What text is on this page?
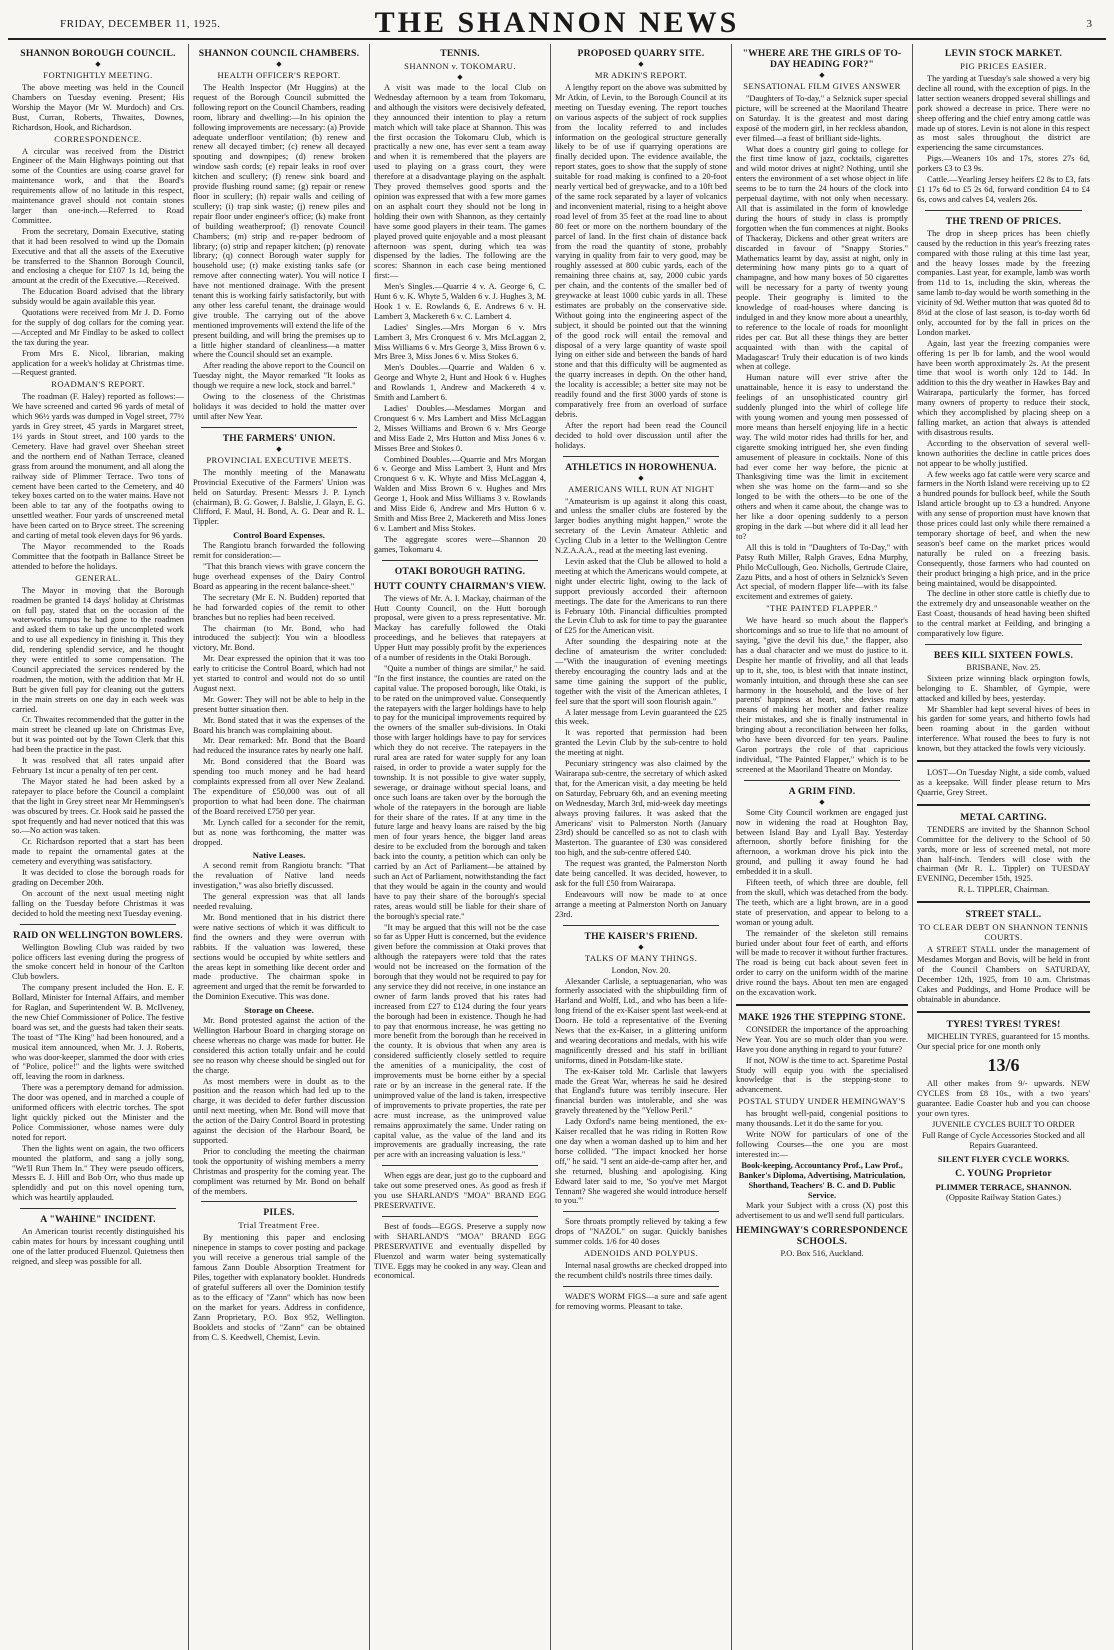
FRIDAY, DECEMBER 11, 1925.	THE SHANNON NEWS	3
SHANNON BOROUGH COUNCIL.
◆
FORTNIGHTLY MEETING.

The above meeting was held in the Council Chambers on Tuesday evening. Present; His Worship the Mayor (Mr W. Murdoch) and Crs. Bust, Curran, Roberts, Thwaites, Downes, Richardson, Hook, and Richardson.

CORRESPONDENCE.

A circular was received from the District Engineer of the Main Highways pointing out that some of the Counties are using coarse gravel for maintenance work, and that the Board's requirements allow of no latitude in this respect, maintenance gravel should not contain stones larger than one-inch.—Referred to Road Committee.

From the secretary, Domain Executive, stating that it had been resolved to wind up the Domain Executive and that all the assets of the Executive be transferred to the Shannon Borough Council, and enclosing a cheque for £107 1s 1d, being the amount at the credit of the Executive.—Received.

The Education Board advised that the library subsidy would be again available this year.

Quotations were received from Mr J. D. Forno for the supply of dog collars for the coming year.—Accepted and Mr Findlay to be asked to collect the tax during the year.

From Mrs E. Nicol, librarian, making application for a week's holiday at Christmas time.—Request granted.

ROADMAN'S REPORT.

The roadman (F. Haley) reported as follows:—We have screened and carted 96 yards of metal of which 96½ yards was dumped in Vogel street, 77½ yards in Grey street, 45 yards in Margaret street, 1½ yards in Stout street, and 100 yards to the Cemetery. Have had gravel over Sheehan street and the northern end of Nathan Terrace, cleaned grass from around the monument, and all along the railway side of Plimmer Terrace. Two tons of cement have been carted to the Cemetery, and 40 tekey boxes carted on to the water mains. Have not been able to tar any of the footpaths owing to unsettled weather. Four yards of unscreened metal have been carted on to Bryce street. The screening and carting of metal took eleven days for 96 yards.

The Mayor recommended to the Roads Committee that the footpath in Ballance Street be attended to before the holidays.

GENERAL.

The Mayor in moving that the Borough roadmen be granted 14 days' holiday at Christmas on full pay, stated that on the occasion of the waterworks rumpus he had gone to the roadmen and asked them to take up the uncompleted work and to use all expediency in finishing it. This they did, rendering splendid service, and he thought they were entitled to some compensation. The Council appreciated the services rendered by the roadmen, the motion, with the addition that Mr H. Butt be given full pay for cleaning out the gutters in the main streets on one day in each week was carried.

Cr. Thwaites recommended that the gutter in the main street be cleaned up late on Christmas Eve, but it was pointed out by the Town Clerk that this had been the practice in the past.

It was resolved that all rates unpaid after February 1st incur a penalty of ten per cent.

The Mayor stated he had been asked by a ratepayer to place before the Council a complaint that the light in Grey street near Mr Hemmingsen's was obscured by trees. Cr. Hook said he passed the spot frequently and had never noticed that this was so.—No action was taken.

Cr. Richardson reported that a start has been made to repaint the ornamental gates at the cemetery and everything was satisfactory.

It was decided to close the borough roads for grading on December 20th.

On account of the next usual meeting night falling on the Tuesday before Christmas it was decided to hold the meeting next Tuesday evening.

RAID ON WELLINGTON BOWLERS.

Wellington Bowling Club was raided by two police officers last evening during the progress of the smoke concert held in honour of the Carlton Club bowlers.

The company present included the Hon. E. F. Bollard, Minister for Internal Affairs, and member for Raglan, and Superintendent W. B. McIlveney, the new Chief Commissioner of Police. The festive board was set, and the guests had taken their seats. The toast of "The King" had been honoured, and a musical item announced, when Mr. J. J. Roberts, who was door-keeper, slammed the door with cries of "Police, police!" and the lights were switched off, leaving the room in darkness.

There was a peremptory demand for admission. The door was opened, and in marched a couple of uniformed officers with electric torches. The spot light quickly picked out the Minister and the Police Commissioner, whose names were duly noted for report.

Then the lights went on again, the two officers mounted the platform, and sang a jolly song, "We'll Run Them In." They were pseudo officers, Messrs E. J. Hill and Bob Orr, who thus made up splendidly and put on this novel opening turn, which was heartily applauded.

A "WAHINE" INCIDENT.

An American tourist recently distinguished his cabin mates for hours by incessant coughing until one of the latter produced Fluenzol. Quietness then reigned, and sleep was possible for all.

SHANNON COUNCIL CHAMBERS.
◆
HEALTH OFFICER'S REPORT.

The Health Inspector (Mr Huggins) at the request of the Borough Council submitted the following report on the Council Chambers, reading room, library and dwelling:—In his opinion the following improvements are necessary: (a) Provide adequate underfloor ventilation; (b) renew and renew all decayed timber; (c) renew all decayed spouting and downpipes; (d) renew broken window sash cords; (e) repair leaks in roof over kitchen and scullery; (f) renew sink board and provide flushing round same; (g) repair or renew floor in scullery; (h) repair walls and ceiling of scullery; (i) trap sink waste; (j) renew piles and repair floor under engineer's office; (k) make front of building weatherproof; (l) renovate Council Chambers; (m) strip and re-paper bedroom of library; (o) strip and repaper kitchen; (p) renovate library; (q) connect Borough water supply for household use; (r) make existing tanks safe (or remove after connecting water). You will notice I have not mentioned drainage. With the present tenant this is working fairly satisfactorily, but with any other less careful tenant, the drainage would give trouble. The carrying out of the above mentioned improvements will extend the life of the present building, and will bring the premises up to a little higher standard of cleanliness—a matter where the Council should set an example.

After reading the above report to the Council on Tuesday night, the Mayor remarked "It looks as though we require a new lock, stock and barrel."

Owing to the closeness of the Christmas holidays it was decided to hold the matter over until after New Year.

THE FARMERS' UNION.
◆
PROVINCIAL EXECUTIVE MEETS.

The monthly meeting of the Manawatu Provincial Executive of the Farmers' Union was held on Saturday. Present: Messrs J. P. Lynch (chairman), B. G. Gower, J. Balslie, J. Glayn, E. G. Clifford, F. Maul, H. Bond, A. G. Dear and R. L. Tippler.

Control Board Expenses.

The Rangiotu branch forwarded the following remit for consideration:—

"That this branch views with grave concern the huge overhead expenses of the Dairy Control Board as appearing in the recent balance-sheet."

The secretary (Mr E. N. Budden) reported that he had forwarded copies of the remit to other branches but no replies had been received.

The chairman (to Mr. Bond, who had introduced the subject): You win a bloodless victory, Mr. Bond.

Mr. Dear expressed the opinion that it was too early to criticise the Control Board, which had not yet started to control and would not do so until August next.

Mr. Gower: They will not be able to help in the present butter situation then.

Mr. Bond stated that it was the expenses of the Board his branch was complaining about.

Mr. Dear remarked: Mr. Bond that the Board had reduced the insurance rates by nearly one half.

Mr. Bond considered that the Board was spending too much money and he had heard complaints expressed from all over New Zealand. The expenditure of £50,000 was out of all proportion to what had been done. The chairman of the Board received £750 per year.

Mr. Lynch called for a seconder for the remit, but as none was forthcoming, the matter was dropped.

Native Leases.

A second remit from Rangiotu branch: "That the revaluation of Native land needs investigation," was also briefly discussed.

The general expression was that all lands needed revaluing.

Mr. Bond mentioned that in his district there were native sections of which it was difficult to find the owners and they were overrun with rabbits. If the valuation was lowered, these sections would be occupied by white settlers and the areas kept in something like decent order and made productive. The chairman spoke in agreement and urged that the remit be forwarded to the Dominion Executive. This was done.

Storage on Cheese.

Mr. Bond protested against the action of the Wellington Harbour Board in charging storage on cheese whereas no charge was made for butter. He considered this action totally unfair and he could see no reason why cheese should be singled out for the charge.

As most members were in doubt as to the position and the reason which had led up to the charge, it was decided to defer further discussion until next meeting, when Mr. Bond will move that the action of the Dairy Control Board in protesting against the decision of the Harbour Board, be supported.

Prior to concluding the meeting the chairman took the opportunity of wishing members a merry Christmas and prosperity for the coming year. The compliment was returned by Mr. Bond on behalf of the members.

PILES.
Trial Treatment Free.

By mentioning this paper and enclosing ninepence in stamps to cover posting and package you will receive a generous trial sample of the famous Zann Double Absorption Treatment for Piles, together with explanatory booklet. Hundreds of grateful sufferers all over the Dominion testify as to the efficacy of "Zann" which has now been on the market for years. Address in confidence, Zann Proprietary, P.O. Box 952, Wellington. Booklets and stocks of "Zann" can be obtained from C. S. Keedwell, Chemist, Levin.

TENNIS.
SHANNON v. TOKOMARU.
◆

A visit was made to the local Club on Wednesday afternoon by a team from Tokomaru, and although the visitors were decisively defeated, they announced their intention to play a return match which will take place at Shannon. This was the first occasion the Tokomaru Club, which is practically a new one, has ever sent a team away and when it is remembered that the players are used to playing on a grass court, they were therefore at a disadvantage playing on the asphalt. They proved themselves good sports and the opinion was expressed that with a few more games on an asphalt court they should not be long in holding their own with Shannon, as they certainly have some good players in their team. The games played proved quite enjoyable and a most pleasant afternoon was spent, during which tea was dispensed by the ladies. The following are the scores: Shannon in each case being mentioned first:—

Men's Singles.—Quarrie 4 v. A. George 6, C. Hunt 6 v. K. Whyte 5, Walden 6 v. J. Hughes 3, M. Hook 1 v. E. Rowlands 6, E. Andrews 6 v. H. Lambert 3, Mackereth 6 v. C. Lambert 4.

Ladies' Singles.—Mrs Morgan 6 v. Mrs Lambert 3, Mrs Cronquest 6 v. Mrs McLaggan 2, Miss Williams 6 v. Mrs George 3, Miss Brown 6 v. Mrs Bree 3, Miss Jones 6 v. Miss Stokes 6.

Men's Doubles.—Quarrie and Walden 6 v. George and Whyte 2, Hunt and Hook 6 v. Hughes and Rowlands 1, Andrew and Mackereth 4 v. Smith and Lambert 6.

Ladies' Doubles.—Mesdames Morgan and Cronquest 6 v. Mrs Lambert and Miss McLaggan 2, Misses Williams and Brown 6 v. Mrs George and Miss Eade 2, Mrs Hutton and Miss Jones 6 v. Misses Bree and Stokes 0.

Combined Doubles.—Quarrie and Mrs Morgan 6 v. George and Miss Lambert 3, Hunt and Mrs Cronquest 6 v. K. Whyte and Miss McLaggan 4, Walden and Miss Brown 6 v. Hughes and Mrs George 1, Hook and Miss Williams 3 v. Rowlands and Miss Eide 6, Andrew and Mrs Hutton 6 v. Smith and Miss Bree 2, Mackereth and Miss Jones 6 v. Lambert and Miss Stokes.

The aggregate scores were—Shannon 20 games, Tokomaru 4.

OTAKI BOROUGH RATING.
HUTT COUNTY CHAIRMAN'S VIEW.

The views of Mr. A. I. Mackay, chairman of the Hutt County Council, on the Hutt borough proposal, were given to a press representative. Mr. Mackay has carefully followed the Otaki proceedings, and he believes that ratepayers at Upper Hutt may possibly profit by the experiences of a number of residents in the Otaki Borough.

"Quite a number of things are similar," he said. "In the first instance, the counties are rated on the capital value. The proposed borough, like Otaki, is to be rated on the unimproved value. Consequently the ratepayers with the larger holdings have to help to pay for the municipal improvements required by the owners of the smaller sub-divisions. In Otaki those with larger holdings have to pay for services which they do not receive. The ratepayers in the rural area are rated for water supply for any loan raised, in order to provide a water supply for the township. It is not possible to give water supply, sewerage, or drainage without special loans, and once such loans are taken over by the borough the whole of the ratepayers in the borough are liable for their share of the rates. If at any time in the future large and heavy loans are raised by the big men of four years hence, the bigger land areas desire to be excluded from the borough and taken back into the county, a petition which can only be carried by an Act of Parliament—be attained by such an Act of Parliament, notwithstanding the fact that they would be again in the county and would have to pay their share of the borough's special rates, areas would still be liable for their share of the borough's special rate."

"It may be argued that this will not be the case so far as Upper Hutt is concerned, but the evidence given before the commission at Otaki proves that although the ratepayers were told that the rates would not be increased on the formation of the borough that they would not be required to pay for any service they did not receive, in one instance an owner of farm lands proved that his rates had increased from £27 to £124 during the four years the borough had been in existence. Though he had to pay that enormous increase, he was getting no more benefit from the borough than he received in the county. It is obvious that when any area is considered sufficiently closely settled to require the amenities of a municipality, the cost of improvements must be borne either by a special rate or by an increase in the general rate. If the unimproved value of the land is taken, irrespective of improvements to private properties, the rate per acre must increase, as the unimproved value remains approximately the same. Under rating on capital value, as the value of the land and its improvements are gradually increasing, the rate per acre with an increasing valuation is less."

When eggs are dear, just go to the cupboard and take out some preserved ones. As good as fresh if you use SHARLAND'S "MOA" BRAND EGG PRESERVATIVE.

Best of foods—EGGS. Preserve a supply now with SHARLAND'S "MOA" BRAND EGG PRESERVATIVE and eventually dispelled by Fluenzol and warm water being systematically TIVE. Eggs may be cooked in any way. Clean and economical.

PROPOSED QUARRY SITE.
◆
MR ADKIN'S REPORT.

A lengthy report on the above was submitted by Mr Atkin, of Levin, to the Borough Council at its meeting on Tuesday evening. The report touches on various aspects of the subject of rock supplies from the locality referred to and includes information on the geological structure generally likely to be of use if quarrying operations are finally decided upon. The evidence available, the report states, goes to show that the supply of stone suitable for road making is confined to a 20-foot nearly vertical bed of greywacke, and to a 10ft bed of the same rock separated by a layer of volcanics and inconvenient material, rising to a height above road level of from 35 feet at the road line to about 80 feet or more on the northern boundary of the parcel of land. In the first chain of distance back from the road the quantity of stone, probably varying in quality from fair to very good, may be roughly assessed at 800 cubic yards, each of the remaining three chains at, say, 2000 cubic yards per chain, and the contents of the smaller bed of greywacke at least 1000 cubic yards in all. These estimates are probably on the conservative side. Without going into the engineering aspect of the subject, it should be pointed out that the winning of the good rock will entail the removal and disposal of a very large quantity of waste spoil lying on either side and between the bands of hard stone and that this difficulty will be augmented as the quarry increases in depth. On the other hand, the locality is accessible; a better site may not be readily found and the first 3000 yards of stone is comparatively free from an overload of surface debris.

After the report had been read the Council decided to hold over discussion until after the holidays.

ATHLETICS IN HOROWHENUA.
◆
AMERICANS WILL RUN AT NIGHT

"Amateurism is up against it along this coast, and unless the smaller clubs are fostered by the larger bodies anything might happen," wrote the secretary of the Levin Amateur Athletic and Cycling Club in a letter to the Wellington Centre N.Z.A.A.A., read at the meeting last evening.

Levin asked that the Club be allowed to hold a meeting at which the Americans would compete, at night under electric light, owing to the lack of support previously accorded their afternoon meetings. The date for the Americans to run there is February 10th. Financial difficulties prompted the Levin Club to ask for time to pay the guarantee of £25 for the American visit.

After sounding the despairing note at the decline of amateurism the writer concluded:—"With the inauguration of evening meetings thereby encouraging the country lads and at the same time gaining the support of the public, together with the visit of the American athletes, I feel sure that the sport will soon flourish again."

A later message from Levin guaranteed the £25 this week.

It was reported that permission had been granted the Levin Club by the sub-centre to hold the meeting at night.

Pecuniary stringency was also claimed by the Wairarapa sub-centre, the secretary of which asked that, for the American visit, a day meeting be held on Saturday, February 6th, and an evening meeting on Wednesday, March 3rd, mid-week day meetings always proving failures. It was asked that the Americans' visit to Palmerston North (January 23rd) should be cancelled so as not to clash with Masterton. The guarantee of £30 was considered too high, and the sub-centre offered £40.

The request was granted, the Palmerston North date being cancelled. It was decided, however, to ask for the full £50 from Wairarapa.

Endeavours will now be made to at once arrange a meeting at Palmerston North on January 23rd.

THE KAISER'S FRIEND.
◆
TALKS OF MANY THINGS.

London, Nov. 20.

Alexander Carlisle, a septuagenarian, who was formerly associated with the shipbuilding firm of Harland and Wolff, Ltd., and who has been a life-long friend of the ex-Kaiser spent last week-end at Doorn. He told a representative of the Evening News that the ex-Kaiser, in a glittering uniform and wearing decorations and medals, with his wife magnificently dressed and his staff in brilliant uniforms, dined in Potsdam-like state.

The ex-Kaiser told Mr. Carlisle that lawyers made the Great War, whereas he said he desired that England's future was terribly insecure. Her financial burden was intolerable, and she was gravely threatened by the "Yellow Peril."

Lady Oxford's name being mentioned, the ex-Kaiser recalled that he was riding in Rotten Row one day when a woman dashed up to him and her horse collided. "The impact knocked her horse off," he said. "I sent an aide-de-camp after her, and she returned, blushing and apologising. King Edward later said to me, 'So you've met Margot Tennant? She wagered she would introduce herself to you.'"

Sore throats promptly relieved by taking a few drops of "NAZOL" on sugar. Quickly banishes summer colds. 1/6 for 40 doses

ADENOIDS AND POLYPUS.

Internal nasal growths are checked dropped into the recumbent child's nostrils three times daily.

WADE'S WORM FIGS—a sure and safe agent for removing worms. Pleasant to take.

"WHERE ARE THE GIRLS OF TO-DAY HEADING FOR?"
◆
SENSATIONAL FILM GIVES ANSWER

"Daughters of To-day," a Selznick super special picture, will be screened at the Maoriland Theatre on Saturday. It is the greatest and most daring exposé of the modern girl, in her reckless abandon, ever filmed—a feast of brilliant side-lights.

What does a country girl going to college for the first time know of jazz, cocktails, cigarettes and wild motor drives at night? Nothing, until she enters the environment of a set whose object in life seems to be to turn the 24 hours of the clock into perpetual daytime, with not only when necessary. All that is assimilated in the form of knowledge during the hours of study in class is promptly forgotten when the fun commences at night. Books of Thackeray, Dickens and other great writers are discarded in favour of "Snappy Stories." Mathematics learnt by day, assist at night, only in determining how many pints go to a quart of champagne, and how many boxes of 50 cigarettes will be necessary for a party of twenty young people. Their geography is limited to the knowledge of road-houses where dancing is indulged in and they know more about a unearthly, to reference to the locale of roads for moonlight rides per car. But all these things they are better acquainted with than with the capital of Madagascar! Truly their education is of two kinds when at college.

Human nature will ever strive after the unattainable, hence it is easy to understand the feelings of an unsophisticated country girl suddenly plunged into the whirl of college life with young women and young men possessed of more means than herself enjoying life in a hectic way. The wild motor rides had thrills for her, and cigarette smoking intrigued her, she even finding amusement of pleasure in cocktails. None of this had ever come her way before, the picnic at Thanksgiving time was the limit in excitement when she was home on the farm—and so she longed to be with the others—to be one of the others and when it came about, the change was to her like a door opening suddenly to a person groping in the dark —but where did it all lead her to?

All this is told in "Daughters of To-Day," with Patsy Ruth Miller, Ralph Graves, Edna Murphy, Philo McCullough, Geo. Nicholls, Gertrude Claire, Zazu Pitts, and a host of others in Selznick's Seven Act special, of modern flapper life—with its false excitement and extremes of gaiety.

"THE PAINTED FLAPPER."

We have heard so much about the flapper's shortcomings and so true to life that no amount of saying, "give the devil his due," the flapper, also has a dual character and we must do justice to it. Despite her mantle of frivolity, and all that leads up to it, she, too, is blest with that innate instinct, womanly intuition, and through these she can see harmony in the household, and the love of her parents' happiness at heart, she devises many means of making her mother and father realize their mistakes, and she is finally instrumental in bringing about a reconciliation between her folks, who have been divorced for ten years. Pauline Garon portrays the role of that capricious individual, "The Painted Flapper," which is to be screened at the Maoriland Theatre on Monday.

A GRIM FIND.
◆

Some City Council workmen are engaged just now in widening the road at Houghton Bay, between Island Bay and Lyall Bay. Yesterday afternoon, shortly before finishing for the afternoon, a workman drove his pick into the ground, and pulling it away found he had embedded it in a skull.

Fifteen teeth, of which three are double, fell from the skull, which was detached from the body. The teeth, which are a light brown, are in a good state of preservation, and appear to belong to a woman or young adult.

The remainder of the skeleton still remains buried under about four feet of earth, and efforts will be made to recover it without further fractures. The road is being cut back about seven feet in order to carry on the uniform width of the marine drive round the bays. About ten men are engaged on the excavation work.

MAKE 1926 THE STEPPING STONE.

CONSIDER the importance of the approaching New Year. You are so much older than you were. Have you done anything in regard to your future?

If not, NOW is the time to act. Sparetime Postal Study will equip you with the specialised knowledge that is the stepping-stone to advancement.

POSTAL STUDY UNDER HEMINGWAY'S

has brought well-paid, congenial positions to many thousands. Let it do the same for you.

Write NOW for particulars of one of the following Courses—the one you are most interested in:—

Book-keeping, Accountancy Prof., Law Prof., Banker's Diploma, Advertising, Matriculation, Shorthand, Teachers' B. C. and D. Public Service.

Mark your Subject with a cross (X) post this advertisement to us and we'll send full particulars.

HEMINGWAY'S CORRESPONDENCE SCHOOLS.

P.O. Box 516, Auckland.

LEVIN STOCK MARKET.
PIG PRICES EASIER.

The yarding at Tuesday's sale showed a very big decline all round, with the exception of pigs. In the latter section weaners dropped several shillings and pork showed a decrease in price. There were no sheep offering and the chief entry among cattle was made up of stores. Levin is not alone in this respect as most sales throughout the district are experiencing the same circumstances.

Pigs.—Weaners 10s and 17s, stores 27s 6d, porkers £3 to £3 9s.

Cattle.—Yearling Jersey heifers £2 8s to £3, fats £1 17s 6d to £5 2s 6d, forward condition £4 to £4 6s, cows and calves £4, vealers 26s.

THE TREND OF PRICES.

The drop in sheep prices has been chiefly caused by the reduction in this year's freezing rates compared with those ruling at this time last year, and the heavy losses made by the freezing companies. Last year, for example, lamb was worth from 11d to 1s, including the skin, whereas the same lamb to-day would be worth something in the vicinity of 9d. Wether mutton that was quoted 8d to 8½d at the close of last season, is to-day worth 6d only, accounted for by the fall in prices on the London market.

Again, last year the freezing companies were offering 1s per lb for lamb, and the wool would have been worth approximately 2s. At the present time that wool is worth only 12d to 14d. In addition to this the dry weather in Hawkes Bay and Wairarapa, particularly the former, has forced many owners of property to reduce their stock, which they accomplished by placing sheep on a falling market, an action that always is attended with disastrous results.

According to the observation of several well-known authorities the decline in cattle prices does not appear to be wholly justified.

A few weeks ago fat cattle were very scarce and farmers in the North Island were receiving up to £2 a hundred pounds for bullock beef, while the South Island article brought up to £3 a hundred. Anyone with any sense of proportion must have known that those prices could last only while there remained a temporary shortage of beef, and when the new season's beef came on the market prices would naturally be ruled on a freezing basis. Consequently, those farmers who had counted on their product bringing a high price, and in the price being maintained, would be disappointed.

The decline in other store cattle is chiefly due to the extremely dry and unseasonable weather on the East Coast, thousands of head having been shifted to the central market at Feilding, and bringing a comparatively low figure.

BEES KILL SIXTEEN FOWLS.

BRISBANE, Nov. 25.

Sixteen prize winning black orpington fowls, belonging to E. Shambler, of Gympie, were attacked and killed by bees, yesterday.

Mr Shambler had kept several hives of bees in his garden for some years, and hitherto fowls had been roaming about in the garden without interference. What roused the bees to fury is not known, but they attacked the fowls very viciously.

LOST—On Tuesday Night, a side comb, valued as a keepsake. Will finder please return to Mrs Quarrie, Grey Street.

METAL CARTING.

TENDERS are invited by the Shannon School Committee for the delivery to the School of 50 yards, more or less of screened metal, not more than half-inch. Tenders will close with the chairman (Mr R. L. Tippler) on TUESDAY EVENING, December 15th, 1925.

R. L. TIPPLER, Chairman.

STREET STALL.
TO CLEAR DEBT ON SHANNON TENNIS COURTS.

A STREET STALL under the management of Mesdames Morgan and Bovis, will be held in front of the Council Chambers on SATURDAY, December 12th, 1925, from 10 a.m. Christmas Cakes and Puddings, and Home Produce will be obtainable in abundance.

TYRES! TYRES! TYRES!

MICHELIN TYRES, guaranteed for 15 months. Our special price for one month only

13/6

All other makes from 9/- upwards. NEW CYCLES from £8 10s., with a two years' guarantee. Eadie Coaster hub and you can choose your own tyres.

JUVENILE CYCLES BUILT TO ORDER

Full Range of Cycle Accessories Stocked and all Repairs Guaranteed.

SILENT FLYER CYCLE WORKS.
C. YOUNG Proprietor
PLIMMER TERRACE, SHANNON.

(Opposite Railway Station Gates.)
